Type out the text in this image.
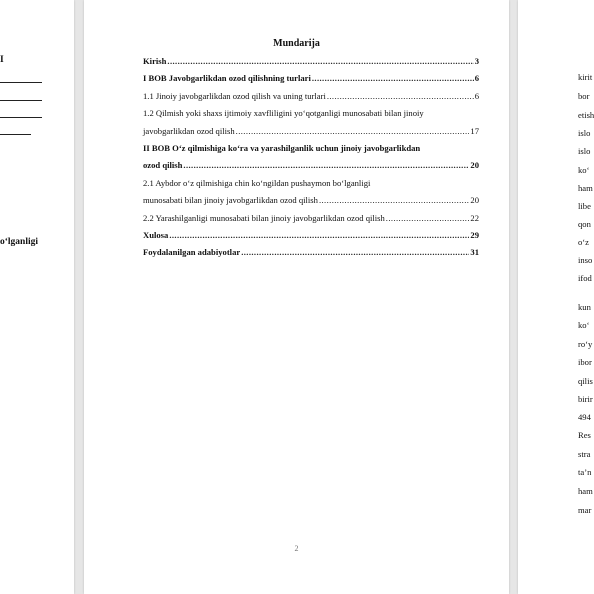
I
o‘lganligi
Mundarija
Kirish .....	3
I BOB Javobgarlikdan ozod qilishning turlari .....	6
1.1 Jinoiy javobgarlikdan ozod qilish va uning turlari .....	6
1.2 Qilmish yoki shaxs ijtimoiy xavfliligini yo‘qotganligi munosabati bilan jinoiy
javobgarlikdan ozod qilish .....	17
II BOB O‘z qilmishiga ko‘ra va yarashilganlik uchun jinoiy javobgarlikdan
ozod qilish .....	20
2.1 Aybdor o‘z qilmishiga chin ko‘ngildan pushaymon bo‘lganligi
munosabati bilan jinoiy javobgarlikdan ozod qilish .....	20
2.2 Yarashilganligi munosabati bilan jinoiy javobgarlikdan ozod qilish .....	22
Xulosa .....	29
Foydalanilgan adabiyotlar .....	31
2
kirit
bor
etish
islo
islo
ko‘
ham
libe
qon
o‘z
inso
ifod
kun
ko‘
ro‘y
ibor
qilis
birir
494
Res
stra
ta’n
ham
mar
